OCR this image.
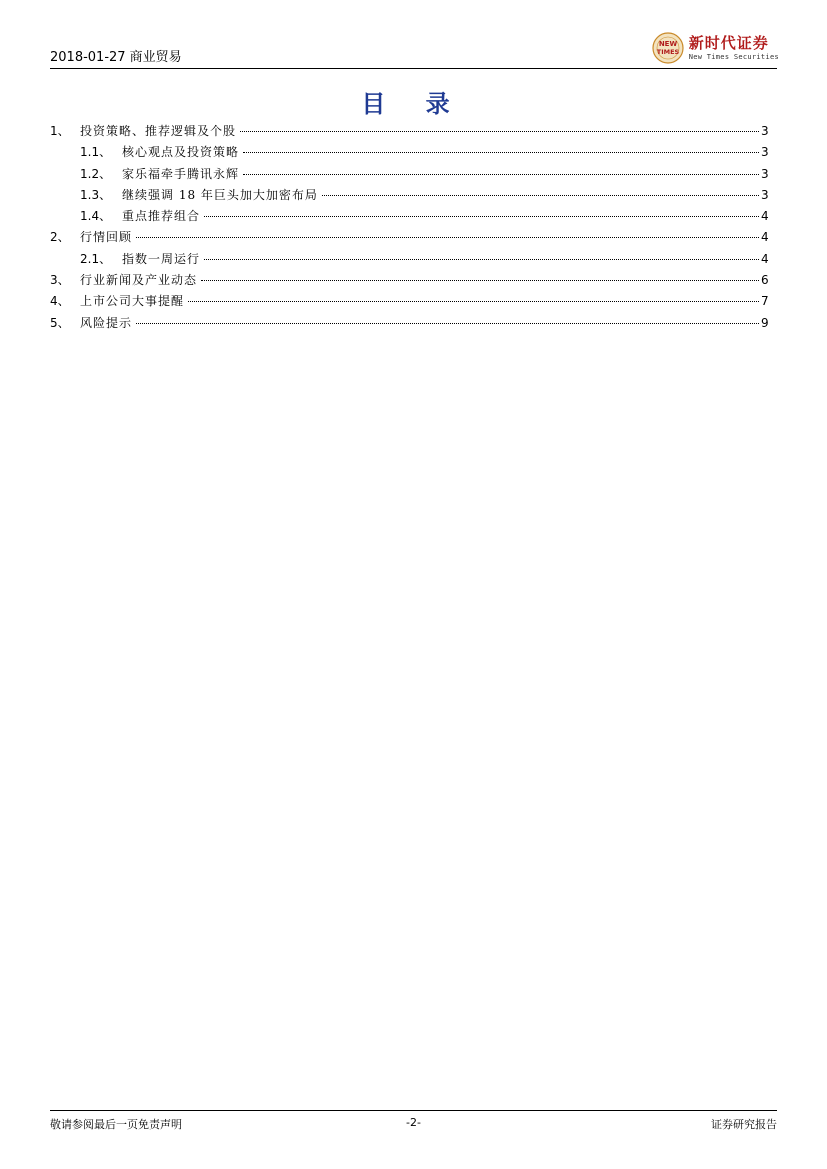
2018-01-27 商业贸易
NEW
TIMES
新时代证券
New Times Securities
目 录
1、 投资策略、推荐逻辑及个股	3
1.1、 核心观点及投资策略	3
1.2、 家乐福牵手腾讯永辉	3
1.3、 继续强调 18 年巨头加大加密布局	3
1.4、 重点推荐组合	4
2、 行情回顾	4
2.1、 指数一周运行	4
3、 行业新闻及产业动态	6
4、 上市公司大事提醒	7
5、 风险提示	9
敬请参阅最后一页免责声明	-2-	证券研究报告
